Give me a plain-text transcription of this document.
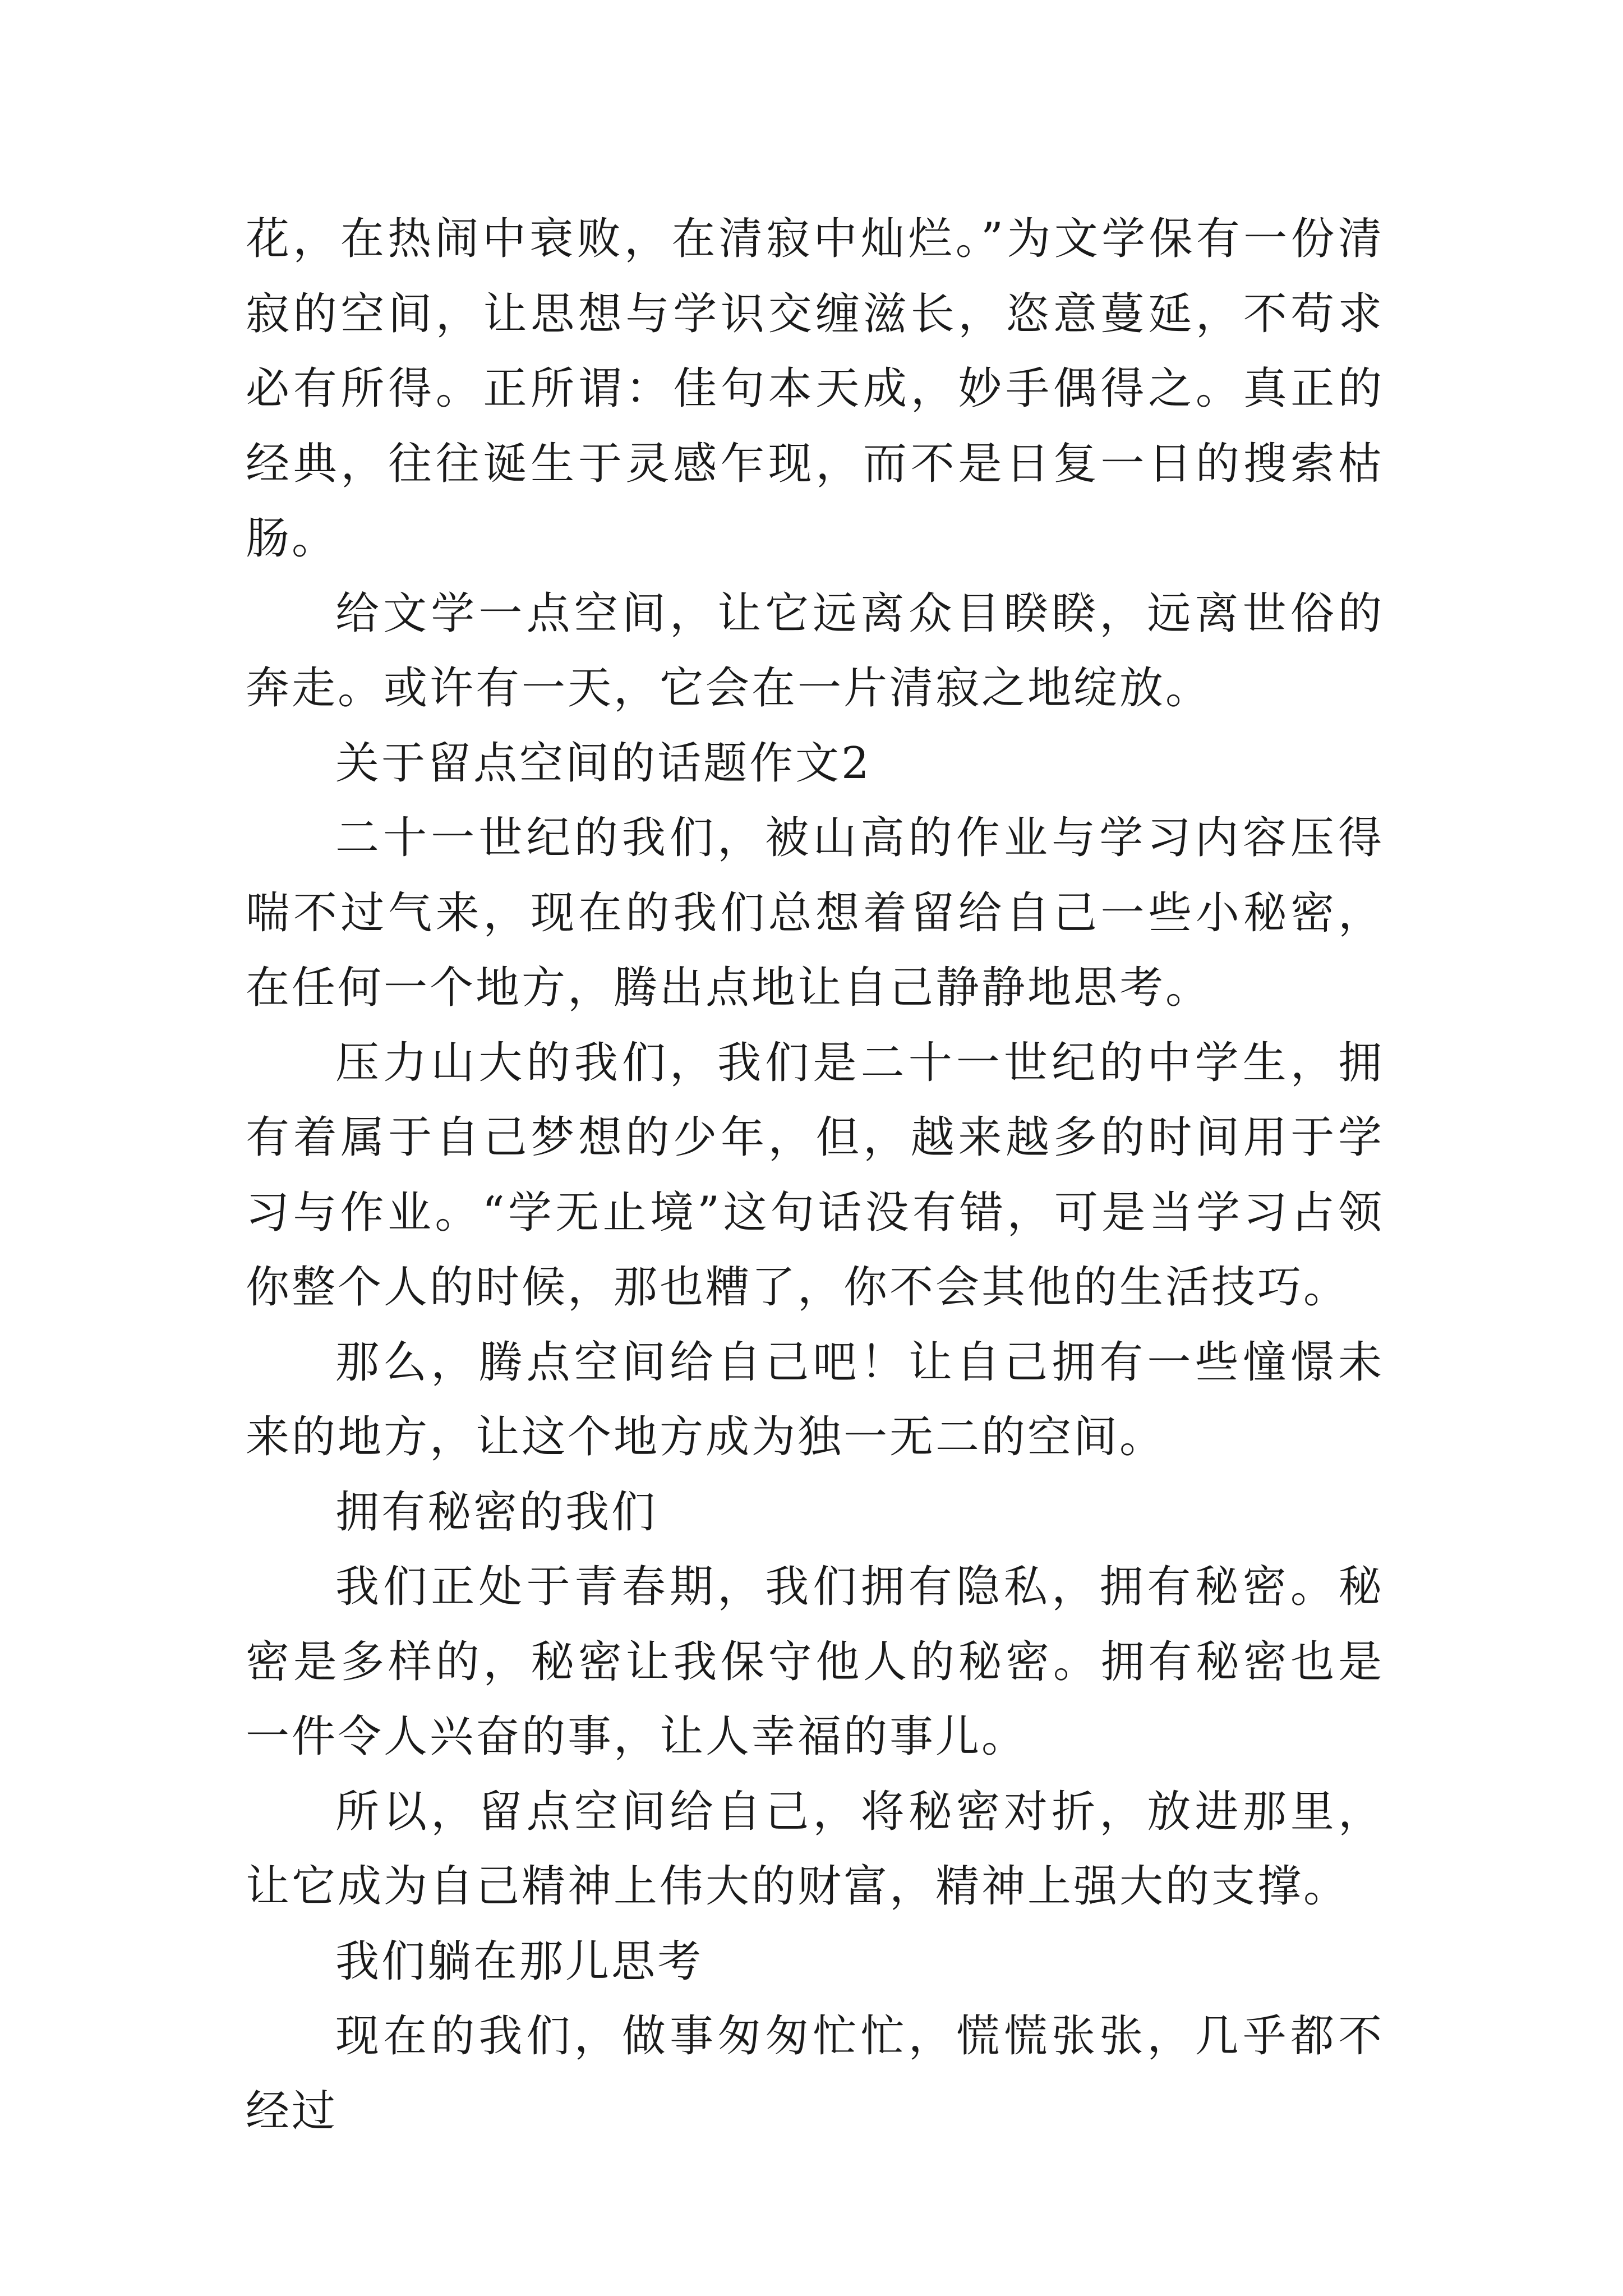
花，在热闹中衰败，在清寂中灿烂。”为文学保有一份清寂的空间，让思想与学识交缠滋长，恣意蔓延，不苟求必有所得。正所谓：佳句本天成，妙手偶得之。真正的经典，往往诞生于灵感乍现，而不是日复一日的搜索枯肠。

给文学一点空间，让它远离众目睽睽，远离世俗的奔走。或许有一天，它会在一片清寂之地绽放。

关于留点空间的话题作文2

二十一世纪的我们，被山高的作业与学习内容压得喘不过气来，现在的我们总想着留给自己一些小秘密，在任何一个地方，腾出点地让自己静静地思考。

压力山大的我们，我们是二十一世纪的中学生，拥有着属于自己梦想的少年，但，越来越多的时间用于学习与作业。“学无止境”这句话没有错，可是当学习占领你整个人的时候，那也糟了，你不会其他的生活技巧。

那么，腾点空间给自己吧！让自己拥有一些憧憬未来的地方，让这个地方成为独一无二的空间。

拥有秘密的我们

我们正处于青春期，我们拥有隐私，拥有秘密。秘密是多样的，秘密让我保守他人的秘密。拥有秘密也是一件令人兴奋的事，让人幸福的事儿。

所以，留点空间给自己，将秘密对折，放进那里，让它成为自己精神上伟大的财富，精神上强大的支撑。

我们躺在那儿思考

现在的我们，做事匆匆忙忙，慌慌张张，几乎都不经过
